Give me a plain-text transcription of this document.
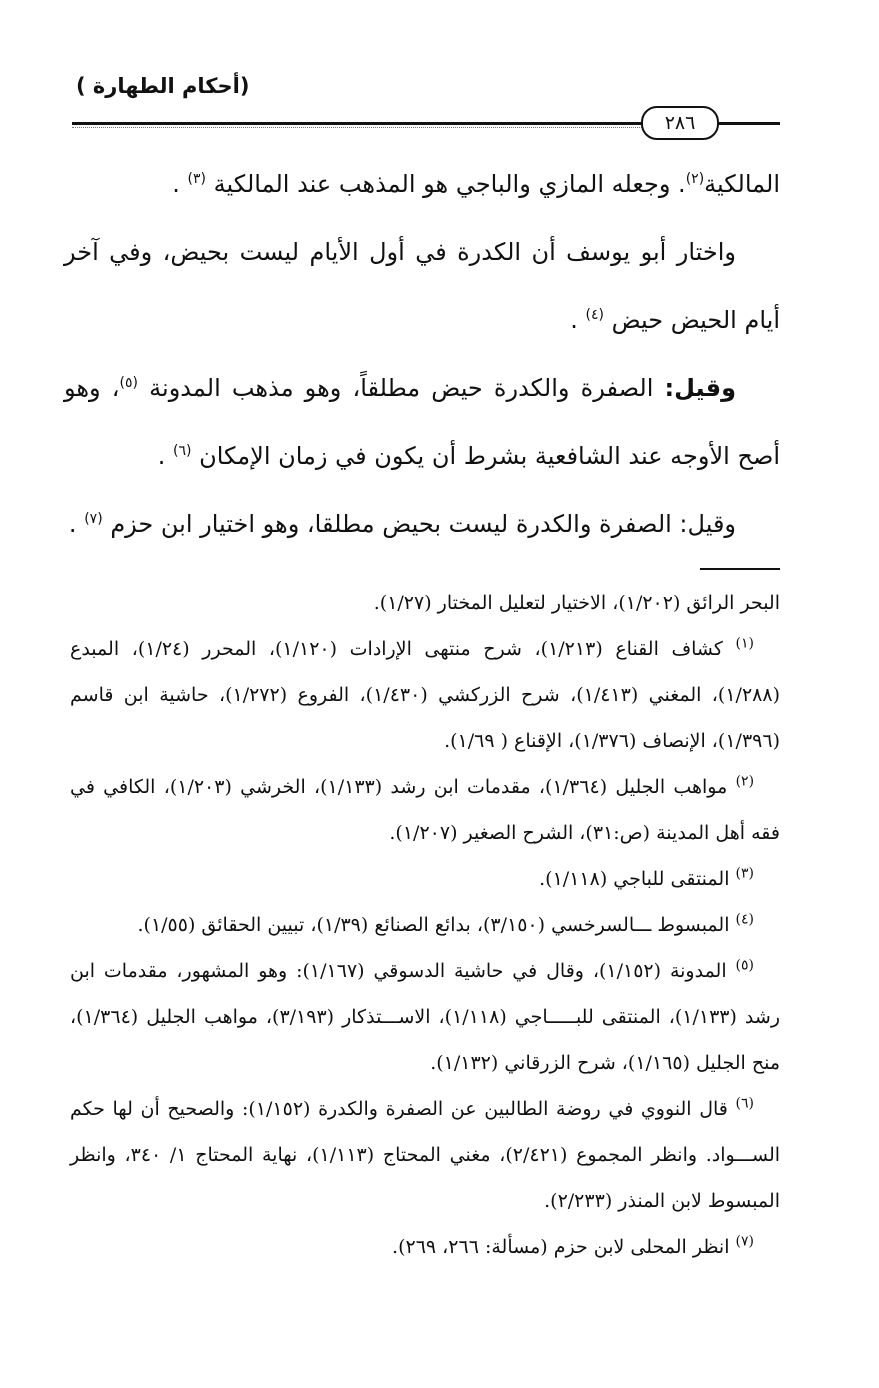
(أحكام الطهارة )
٢٨٦

المالكية$^{(٢)}$. وجعله المازي والباجي هو المذهب عند المالكية $^{(٣)}$ .

واختار أبو يوسف أن الكدرة في أول الأيام ليست بحيض، وفي آخر أيام الحيض حيض $^{(٤)}$ .

وقيل: الصفرة والكدرة حيض مطلقاً، وهو مذهب المدونة $^{(٥)}$، وهو أصح الأوجه عند الشافعية بشرط أن يكون في زمان الإمكان $^{(٦)}$ .

وقيل: الصفرة والكدرة ليست بحيض مطلقا، وهو اختيار ابن حزم $^{(٧)}$ .

البحر الرائق (١/٢٠٢)، الاختيار لتعليل المختار (١/٢٧).

$^{(١)}$ كشاف القناع (١/٢١٣)، شرح منتهى الإرادات (١/١٢٠)، المحرر (١/٢٤)، المبدع (١/٢٨٨)، المغني (١/٤١٣)، شرح الزركشي (١/٤٣٠)، الفروع (١/٢٧٢)، حاشية ابن قاسم (١/٣٩٦)، الإنصاف (١/٣٧٦)، الإقناع ( ١/٦٩).

$^{(٢)}$ مواهب الجليل (١/٣٦٤)، مقدمات ابن رشد (١/١٣٣)، الخرشي (١/٢٠٣)، الكافي في فقه أهل المدينة (ص:٣١)، الشرح الصغير (١/٢٠٧).

$^{(٣)}$ المنتقى للباجي (١/١١٨).

$^{(٤)}$ المبسوط ـــالسرخسي (٣/١٥٠)، بدائع الصنائع (١/٣٩)، تبيين الحقائق (١/٥٥).

$^{(٥)}$ المدونة (١/١٥٢)، وقال في حاشية الدسوقي (١/١٦٧): وهو المشهور، مقدمات ابن رشد (١/١٣٣)، المنتقى للبـــــاجي (١/١١٨)، الاســـتذكار (٣/١٩٣)، مواهب الجليل (١/٣٦٤)، منح الجليل (١/١٦٥)، شرح الزرقاني (١/١٣٢).

$^{(٦)}$ قال النووي في روضة الطالبين عن الصفرة والكدرة (١/١٥٢): والصحيح أن لها حكم الســـواد. وانظر المجموع (٢/٤٢١)، مغني المحتاج (١/١١٣)، نهاية المحتاج ١/ ٣٤٠، وانظر المبسوط لابن المنذر (٢/٢٣٣).

$^{(٧)}$ انظر المحلى لابن حزم (مسألة: ٢٦٦، ٢٦٩).
